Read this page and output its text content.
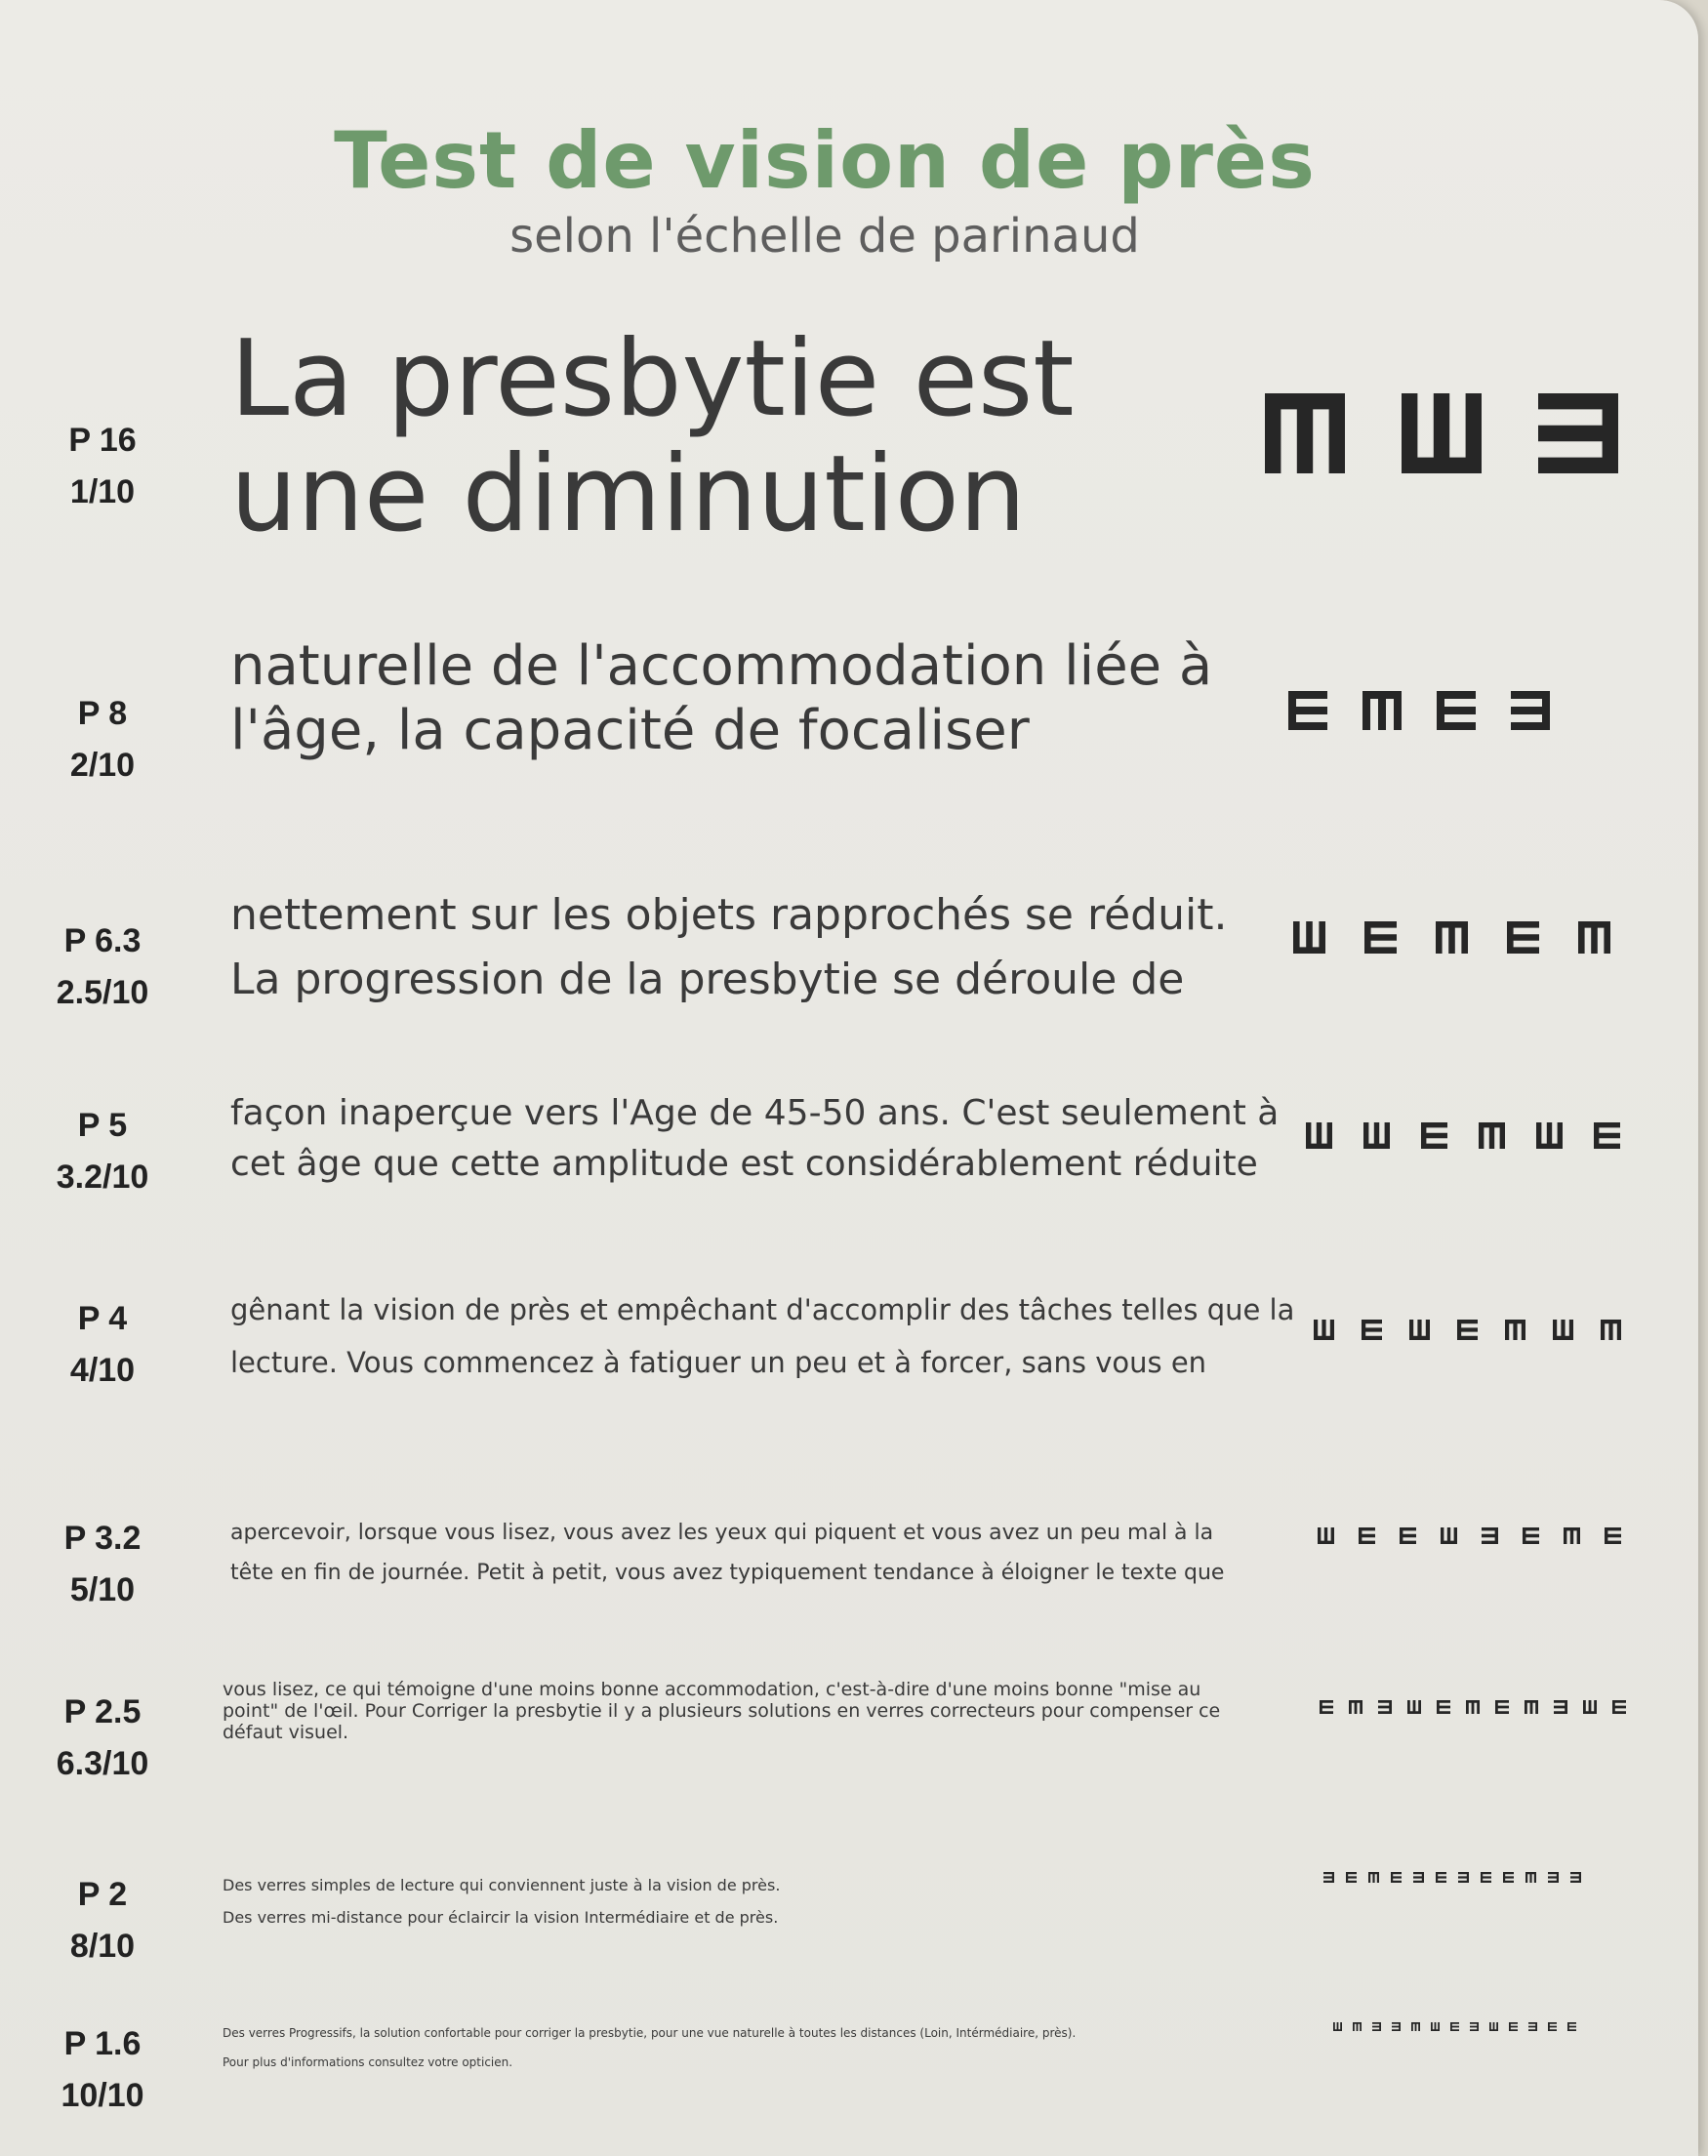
Test de vision de près
selon l'échelle de parinaud
P 16
1/10
La presbytie est
une diminution
P 8
2/10
naturelle de l'accommodation liée à
l'âge, la capacité de focaliser
P 6.3
2.5/10
nettement sur les objets rapprochés se réduit.
La progression de la presbytie se déroule de
P 5
3.2/10
façon inaperçue vers l'Age de 45-50 ans. C'est seulement à
cet âge que cette amplitude est considérablement réduite
P 4
4/10
gênant la vision de près et empêchant d'accomplir des tâches telles que la
lecture. Vous commencez à fatiguer un peu et à forcer, sans vous en
P 3.2
5/10
apercevoir, lorsque vous lisez, vous avez les yeux qui piquent et vous avez un peu mal à la
tête en fin de journée. Petit à petit, vous avez typiquement tendance à éloigner le texte que
P 2.5
6.3/10
vous lisez, ce qui témoigne d'une moins bonne accommodation, c'est-à-dire d'une moins bonne "mise au
point" de l'œil. Pour Corriger la presbytie il y a plusieurs solutions en verres correcteurs pour compenser ce
défaut visuel.
P 2
8/10
Des verres simples de lecture qui conviennent juste à la vision de près.
Des verres mi-distance pour éclaircir la vision Intermédiaire et de près.
P 1.6
10/10
Des verres Progressifs, la solution confortable pour corriger la presbytie, pour une vue naturelle à toutes les distances (Loin, Intérmédiaire, près).
Pour plus d'informations consultez votre opticien.
